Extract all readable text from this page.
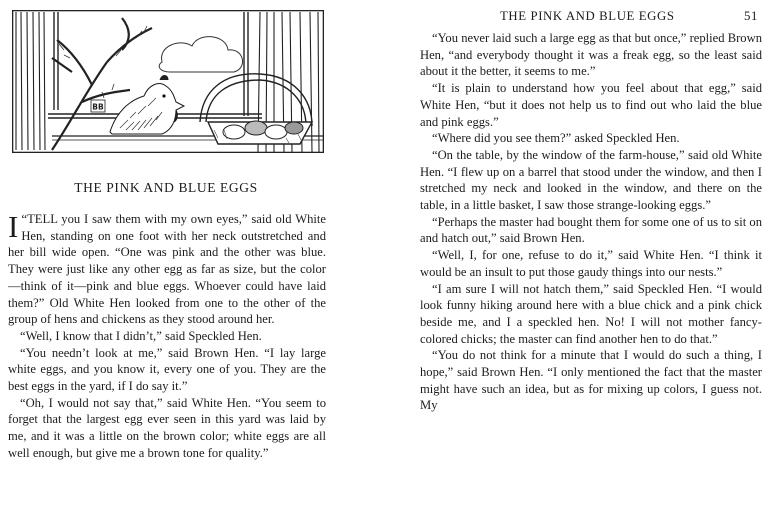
BB
THE PINK AND BLUE EGGS

“
I TELL you I saw them with my own eyes,” said old White Hen, standing on one foot with her neck outstretched and her bill wide open. “One was pink and the other was blue. They were just like any other egg as far as size, but the color—think of it—pink and blue eggs. Whoever could have laid them?” Old White Hen looked from one to the other of the group of hens and chickens as they stood around her.

“Well, I know that I didn’t,” said Speckled Hen.

“You needn’t look at me,” said Brown Hen. “I lay large white eggs, and you know it, every one of you. They are the best eggs in the yard, if I do say it.”

“Oh, I would not say that,” said White Hen. “You seem to forget that the largest egg ever seen in this yard was laid by me, and it was a little on the brown color; white eggs are all well enough, but give me a brown tone for quality.”

THE PINK AND BLUE EGGS	51

“You never laid such a large egg as that but once,” replied Brown Hen, “and everybody thought it was a freak egg, so the least said about it the better, it seems to me.”

“It is plain to understand how you feel about that egg,” said White Hen, “but it does not help us to find out who laid the blue and pink eggs.”

“Where did you see them?” asked Speckled Hen.

“On the table, by the window of the farm-house,” said old White Hen. “I flew up on a barrel that stood under the window, and then I stretched my neck and looked in the window, and there on the table, in a little basket, I saw those strange-looking eggs.”

“Perhaps the master had bought them for some one of us to sit on and hatch out,” said Brown Hen.

“Well, I, for one, refuse to do it,” said White Hen. “I think it would be an insult to put those gaudy things into our nests.”

“I am sure I will not hatch them,” said Speckled Hen. “I would look funny hiking around here with a blue chick and a pink chick beside me, and I a speckled hen. No! I will not mother fancy-colored chicks; the master can find another hen to do that.”

“You do not think for a minute that I would do such a thing, I hope,” said Brown Hen. “I only mentioned the fact that the master might have such an idea, but as for mixing up colors, I guess not. My
